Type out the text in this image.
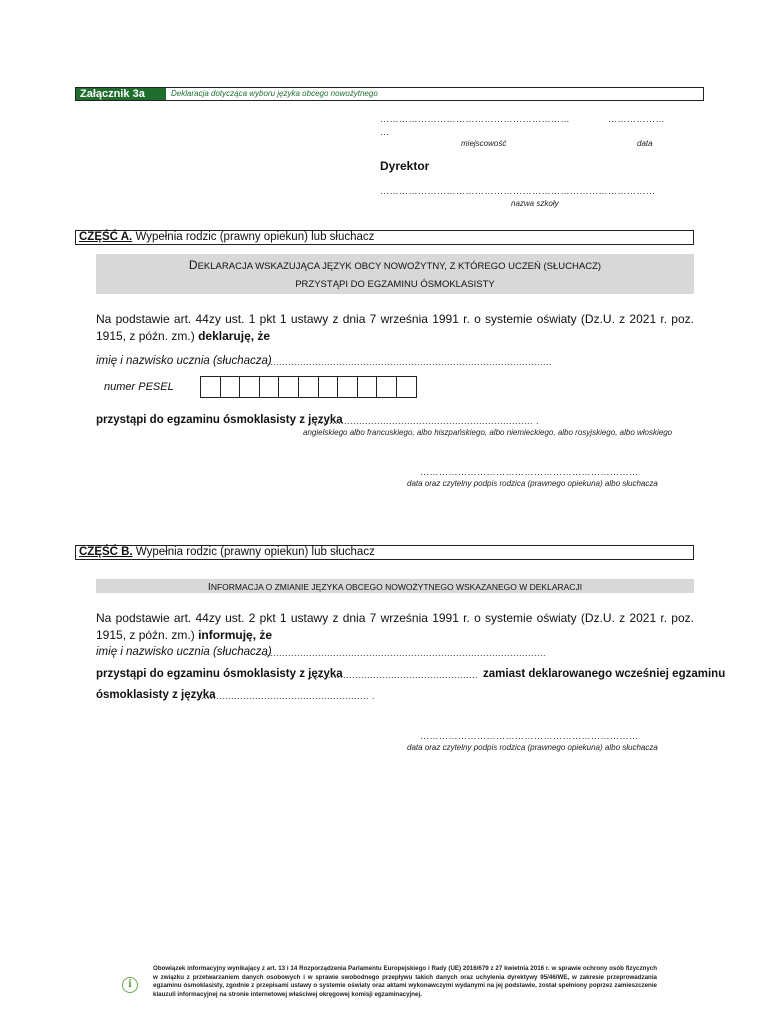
Załącznik 3a	Deklaracja dotycząca wyboru języka obcego nowożytnego
……………………………………………………	………………
…
miejscowość	data
Dyrektor
……………………………………………………………………………
nazwa szkoły
CZĘŚĆ A. Wypełnia rodzic (prawny opiekun) lub słuchacz
DEKLARACJA WSKAZUJĄCA JĘZYK OBCY NOWOŻYTNY, Z KTÓREGO UCZEŃ (SŁUCHACZ)
PRZYSTĄPI DO EGZAMINU ÓSMOKLASISTY
Na podstawie art. 44zy ust. 1 pkt 1 ustawy z dnia 7 września 1991 r. o systemie oświaty (Dz.U. z 2021 r. poz. 1915, z późn. zm.) deklaruję, że
imię i nazwisko ucznia (słuchacza)
..............................................................................................
numer PESEL
przystąpi do egzaminu ósmoklasisty z języka
........................................................................... .
angielskiego albo francuskiego, albo hiszpańskiego, albo niemieckiego, albo rosyjskiego, albo włoskiego
……………………………………………………………
data oraz czytelny podpis rodzica (prawnego opiekuna) albo słuchacza
CZĘŚĆ B. Wypełnia rodzic (prawny opiekun) lub słuchacz
INFORMACJA O ZMIANIE JĘZYKA OBCEGO NOWOŻYTNEGO WSKAZANEGO W DEKLARACJI
Na podstawie art. 44zy ust. 2 pkt 1 ustawy z dnia 7 września 1991 r. o systemie oświaty (Dz.U. z 2021 r. poz. 1915, z późn. zm.) informuję, że
imię i nazwisko ucznia (słuchacza)
..............................................................................................
przystąpi do egzaminu ósmoklasisty z języka
........................................................ zamiast deklarowanego wcześniej egzaminu
ósmoklasisty z języka
........................................................ .
……………………………………………………………
data oraz czytelny podpis rodzica (prawnego opiekuna) albo słuchacza
i
Obowiązek informacyjny wynikający z art. 13 i 14 Rozporządzenia Parlamentu Europejskiego i Rady (UE) 2016/679 z 27 kwietnia 2016 r. w sprawie ochrony osób fizycznych w związku z przetwarzaniem danych osobowych i w sprawie swobodnego przepływu takich danych oraz uchylenia dyrektywy 95/46/WE, w zakresie przeprowadzania egzaminu ósmoklasisty, zgodnie z przepisami ustawy o systemie oświaty oraz aktami wykonawczymi wydanymi na jej podstawie, został spełniony poprzez zamieszczenie klauzuli informacyjnej na stronie internetowej właściwej okręgowej komisji egzaminacyjnej.
